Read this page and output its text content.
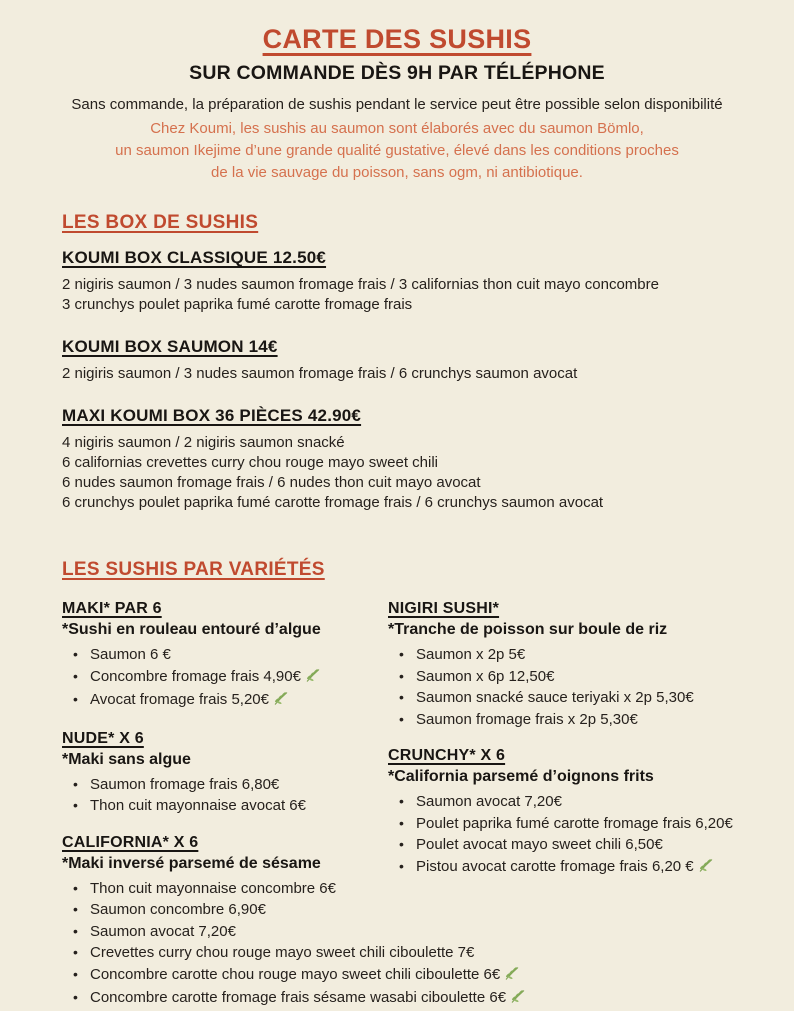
CARTE DES SUSHIS
SUR COMMANDE DÈS 9H PAR TÉLÉPHONE

Sans commande, la préparation de sushis pendant le service peut être possible selon disponibilité

Chez Koumi, les sushis au saumon sont élaborés avec du saumon Bömlo,

un saumon Ikejime d’une grande qualité gustative, élevé dans les conditions proches

de la vie sauvage du poisson, sans ogm, ni antibiotique.

LES BOX DE SUSHIS
KOUMI BOX CLASSIQUE 12.50€

2 nigiris saumon / 3 nudes saumon fromage frais / 3 californias thon cuit mayo concombre

3 crunchys poulet paprika fumé carotte fromage frais

KOUMI BOX SAUMON 14€

2 nigiris saumon / 3 nudes saumon fromage frais / 6 crunchys saumon avocat

MAXI KOUMI BOX 36 PIÈCES 42.90€

4 nigiris saumon / 2 nigiris saumon snacké

6 californias crevettes curry chou rouge mayo sweet chili

6 nudes saumon fromage frais / 6 nudes thon cuit mayo avocat

6 crunchys poulet paprika fumé carotte fromage frais / 6 crunchys saumon avocat

LES SUSHIS PAR VARIÉTÉS
MAKI* PAR 6

*Sushi en rouleau entouré d’algue

• Saumon 6 €
• Concombre fromage frais 4,90€
• Avocat fromage frais 5,20€
NUDE* X 6

*Maki sans algue

• Saumon fromage frais 6,80€
• Thon cuit mayonnaise avocat 6€
CALIFORNIA* X 6

*Maki inversé parsemé de sésame

• Thon cuit mayonnaise concombre 6€
• Saumon concombre 6,90€
• Saumon avocat 7,20€
• Crevettes curry chou rouge mayo sweet chili ciboulette 7€
• Concombre carotte chou rouge mayo sweet chili ciboulette 6€
• Concombre carotte fromage frais sésame wasabi ciboulette 6€
NIGIRI SUSHI*

*Tranche de poisson sur boule de riz

• Saumon x 2p 5€
• Saumon x 6p 12,50€
• Saumon snacké sauce teriyaki x 2p 5,30€
• Saumon fromage frais x 2p 5,30€
CRUNCHY* X 6

*California parsemé d’oignons frits

• Saumon avocat 7,20€
• Poulet paprika fumé carotte fromage frais 6,20€
• Poulet avocat mayo sweet chili 6,50€
• Pistou avocat carotte fromage frais 6,20 €
